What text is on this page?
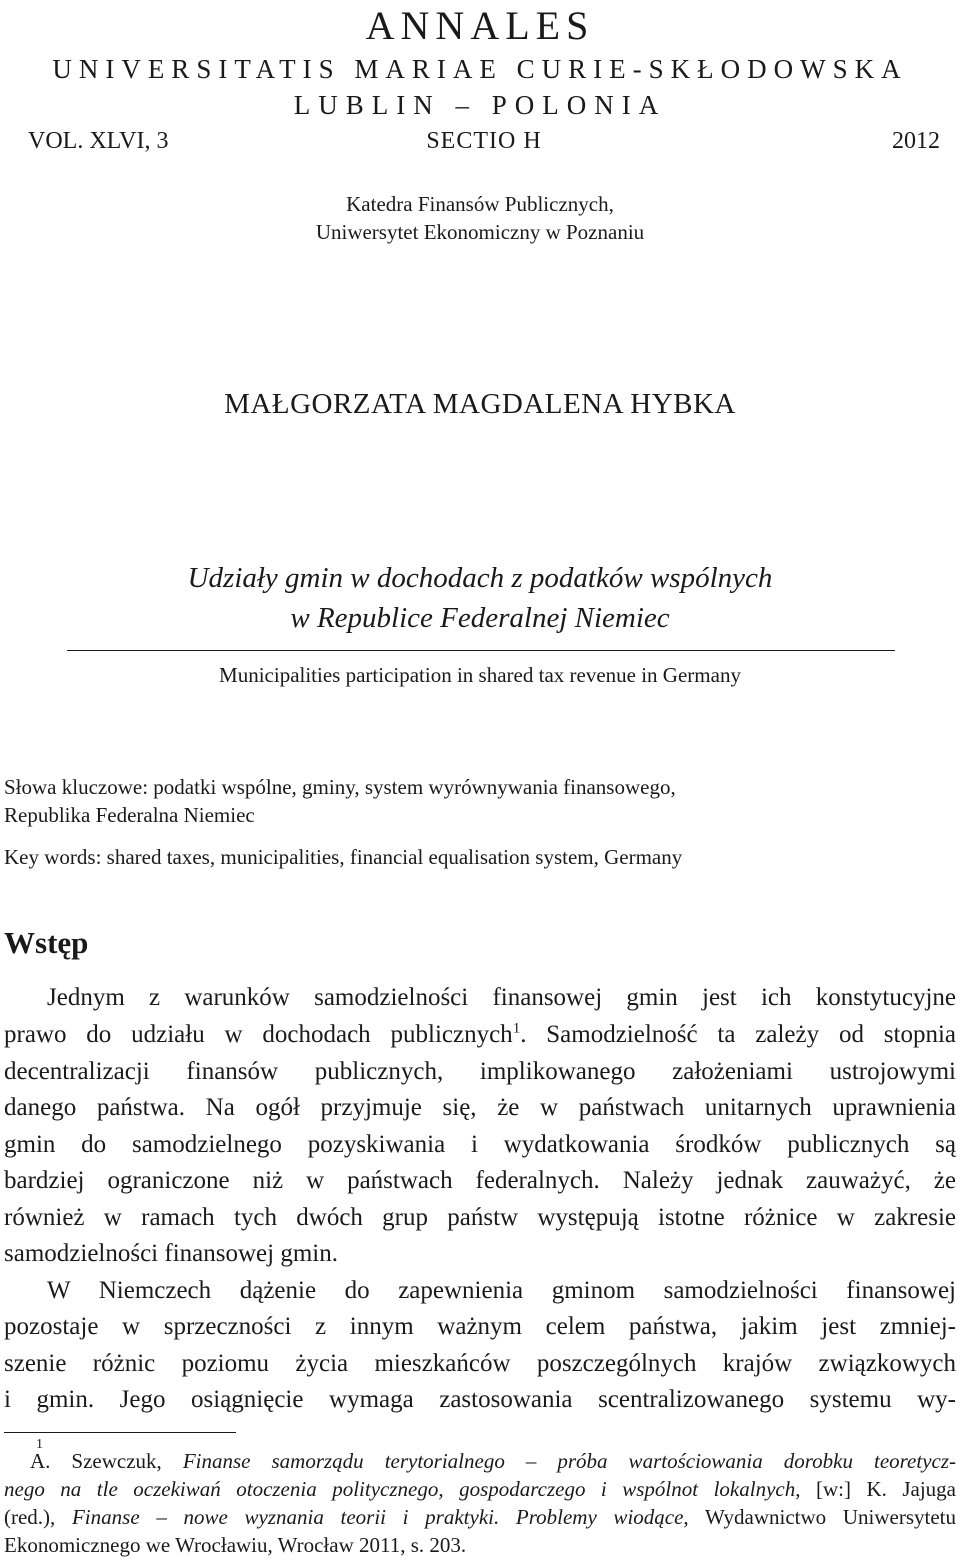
ANNALES
UNIVERSITATIS MARIAE CURIE-SKŁODOWSKA
LUBLIN – POLONIA
VOL. XLVI, 3	SECTIO H	2012
Katedra Finansów Publicznych,
Uniwersytet Ekonomiczny w Poznaniu
MAŁGORZATA MAGDALENA HYBKA
Udziały gmin w dochodach z podatków wspólnych
w Republice Federalnej Niemiec
Municipalities participation in shared tax revenue in Germany
Słowa kluczowe: podatki wspólne, gminy, system wyrównywania finansowego,
Republika Federalna Niemiec
Key words: shared taxes, municipalities, financial equalisation system, Germany
Wstęp
Jednym z warunków samodzielności finansowej gmin jest ich konstytucyjne
prawo do udziału w dochodach publicznych$^1$. Samodzielność ta zależy od stopnia
decentralizacji finansów publicznych, implikowanego założeniami ustrojowymi
danego państwa. Na ogół przyjmuje się, że w państwach unitarnych uprawnienia
gmin do samodzielnego pozyskiwania i wydatkowania środków publicznych są
bardziej ograniczone niż w państwach federalnych. Należy jednak zauważyć, że
również w ramach tych dwóch grup państw występują istotne różnice w zakresie
samodzielności finansowej gmin.
W Niemczech dążenie do zapewnienia gminom samodzielności finansowej
pozostaje w sprzeczności z innym ważnym celem państwa, jakim jest zmniej-
szenie różnic poziomu życia mieszkańców poszczególnych krajów związkowych
i gmin. Jego osiągnięcie wymaga zastosowania scentralizowanego systemu wy-
1
A. Szewczuk, Finanse samorządu terytorialnego – próba wartościowania dorobku teoretycz-
nego na tle oczekiwań otoczenia politycznego, gospodarczego i wspólnot lokalnych, [w:] K. Jajuga
(red.), Finanse – nowe wyznania teorii i praktyki. Problemy wiodące, Wydawnictwo Uniwersytetu
Ekonomicznego we Wrocławiu, Wrocław 2011, s. 203.
